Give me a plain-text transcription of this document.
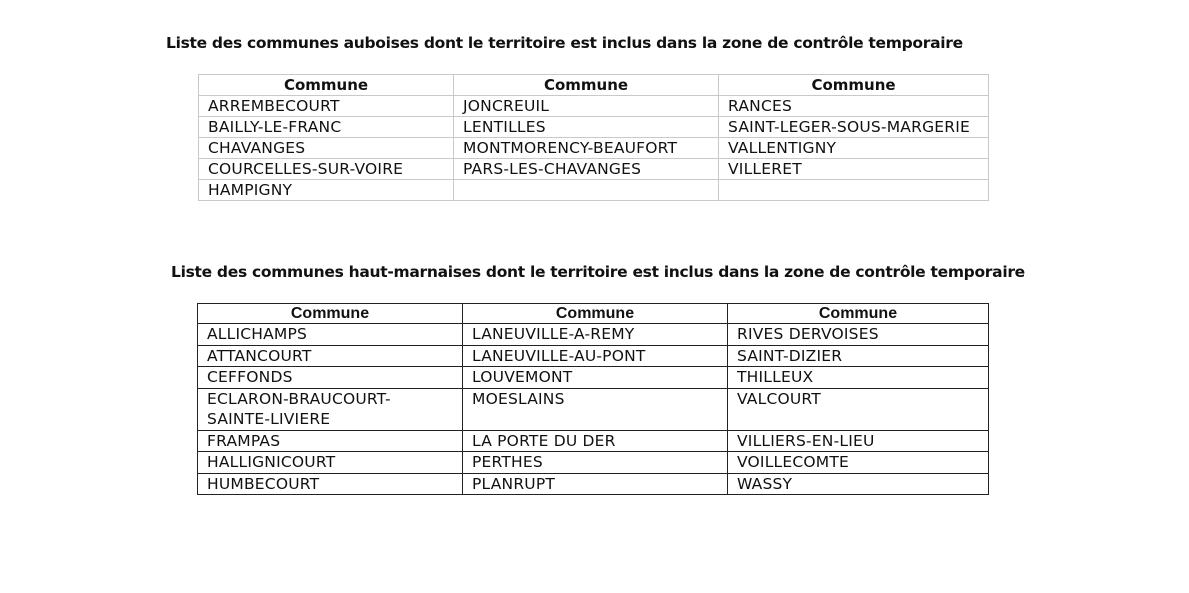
Liste des communes auboises dont le territoire est inclus dans la zone de contrôle temporaire
Commune	Commune	Commune
ARREMBECOURT	JONCREUIL	RANCES
BAILLY-LE-FRANC	LENTILLES	SAINT-LEGER-SOUS-MARGERIE
CHAVANGES	MONTMORENCY-BEAUFORT	VALLENTIGNY
COURCELLES-SUR-VOIRE	PARS-LES-CHAVANGES	VILLERET
HAMPIGNY		
Liste des communes haut-marnaises dont le territoire est inclus dans la zone de contrôle temporaire
Commune	Commune	Commune
ALLICHAMPS	LANEUVILLE-A-REMY	RIVES DERVOISES
ATTANCOURT	LANEUVILLE-AU-PONT	SAINT-DIZIER
CEFFONDS	LOUVEMONT	THILLEUX
ECLARON-BRAUCOURT-SAINTE-LIVIERE	MOESLAINS	VALCOURT
FRAMPAS	LA PORTE DU DER	VILLIERS-EN-LIEU
HALLIGNICOURT	PERTHES	VOILLECOMTE
HUMBECOURT	PLANRUPT	WASSY
